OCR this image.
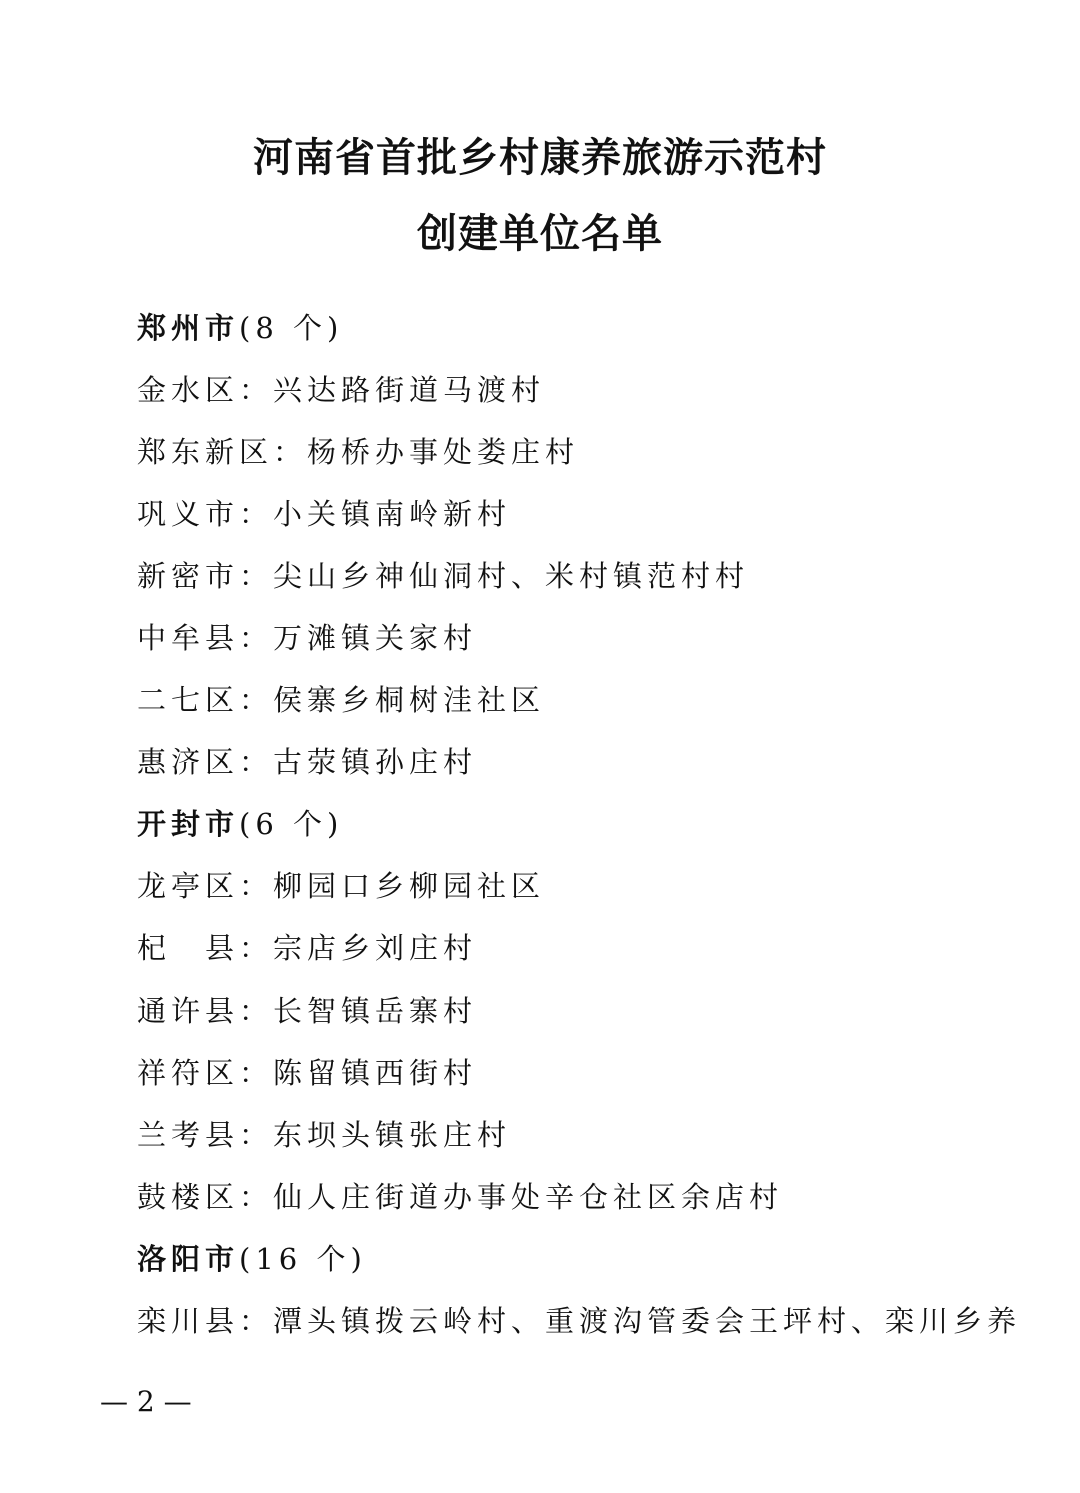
河南省首批乡村康养旅游示范村
创建单位名单
郑州市(8 个)
金水区：兴达路街道马渡村
郑东新区：杨桥办事处娄庄村
巩义市：小关镇南岭新村
新密市：尖山乡神仙洞村、米村镇范村村
中牟县：万滩镇关家村
二七区：侯寨乡桐树洼社区
惠济区：古荥镇孙庄村
开封市(6 个)
龙亭区：柳园口乡柳园社区
杞　县：宗店乡刘庄村
通许县：长智镇岳寨村
祥符区：陈留镇西街村
兰考县：东坝头镇张庄村
鼓楼区：仙人庄街道办事处辛仓社区余店村
洛阳市(16 个)
栾川县：潭头镇拨云岭村、重渡沟管委会王坪村、栾川乡养
— 2 —
